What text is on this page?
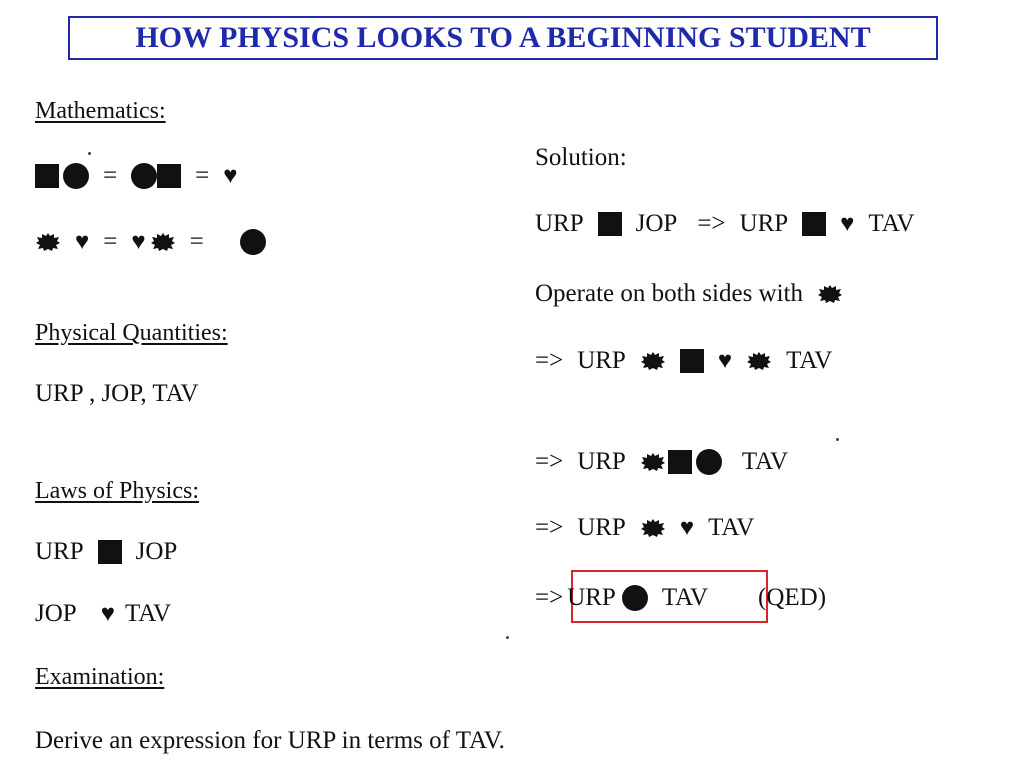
HOW PHYSICS LOOKS TO A BEGINNING STUDENT
Mathematics:

=	= ♥
♥ = ♥	=
Physical Quantities:
URP , JOP, TAV
Laws of Physics:
URP JOP
JOP ♥ TAV
Examination:
Derive an expression for URP in terms of TAV.
Solution:
URP JOP => URP ♥ TAV
Operate on both sides with
=> URP	♥ TAV
=> URP	TAV
=> URP ♥ TAV
=> URP TAV (QED)
